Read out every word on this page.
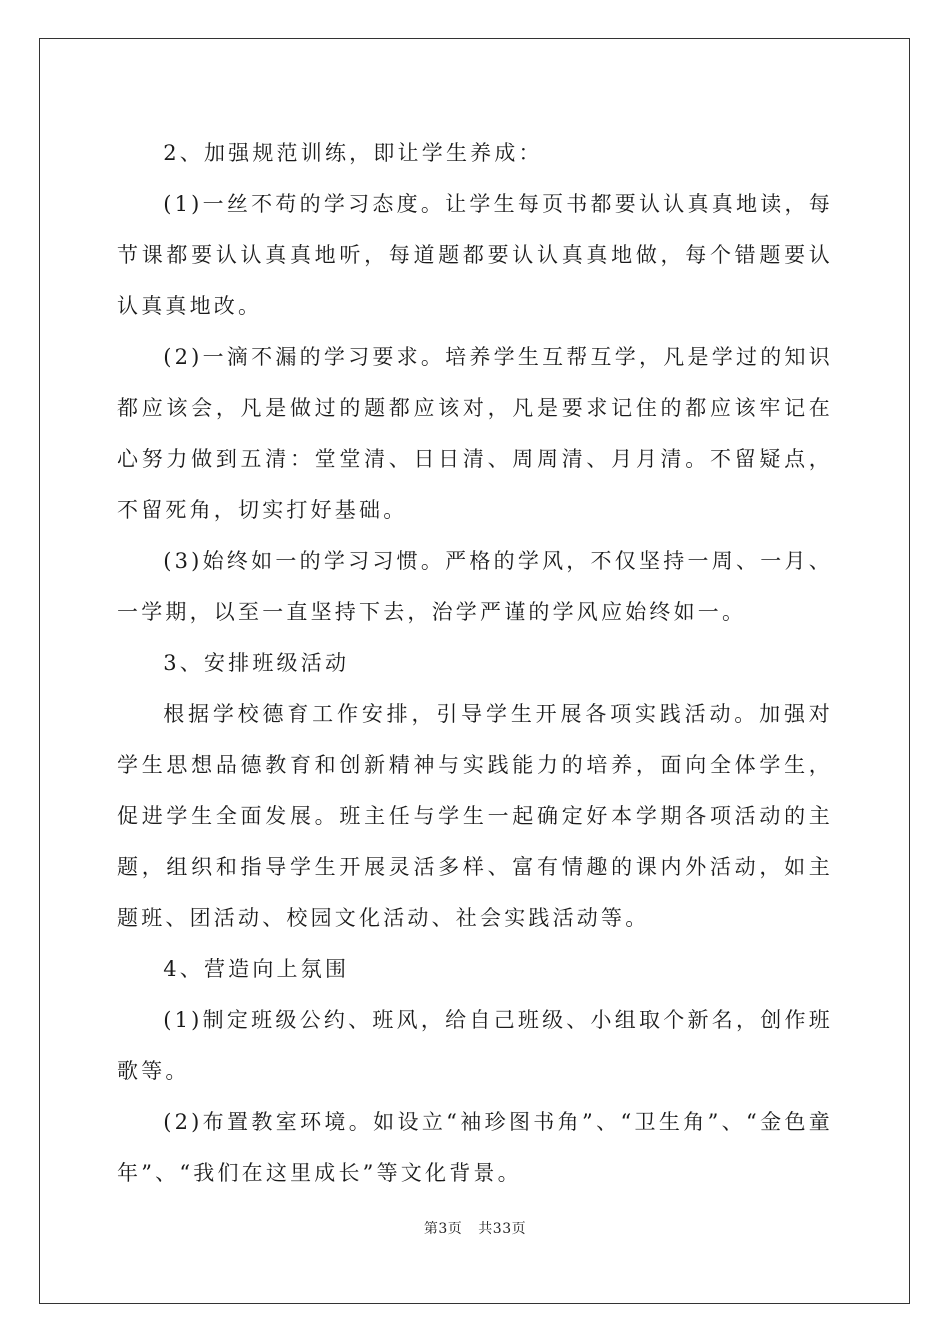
2、加强规范训练，即让学生养成：

(1)一丝不苟的学习态度。让学生每页书都要认认真真地读，每节课都要认认真真地听，每道题都要认认真真地做，每个错题要认认真真地改。

(2)一滴不漏的学习要求。培养学生互帮互学，凡是学过的知识都应该会，凡是做过的题都应该对，凡是要求记住的都应该牢记在心努力做到五清：堂堂清、日日清、周周清、月月清。不留疑点，不留死角，切实打好基础。

(3)始终如一的学习习惯。严格的学风，不仅坚持一周、一月、一学期，以至一直坚持下去，治学严谨的学风应始终如一。

3、安排班级活动

根据学校德育工作安排，引导学生开展各项实践活动。加强对学生思想品德教育和创新精神与实践能力的培养，面向全体学生，促进学生全面发展。班主任与学生一起确定好本学期各项活动的主题，组织和指导学生开展灵活多样、富有情趣的课内外活动，如主题班、团活动、校园文化活动、社会实践活动等。

4、营造向上氛围

(1)制定班级公约、班风，给自己班级、小组取个新名，创作班歌等。

(2)布置教室环境。如设立“袖珍图书角”、“卫生角”、“金色童年”、“我们在这里成长”等文化背景。

第3页 共33页
